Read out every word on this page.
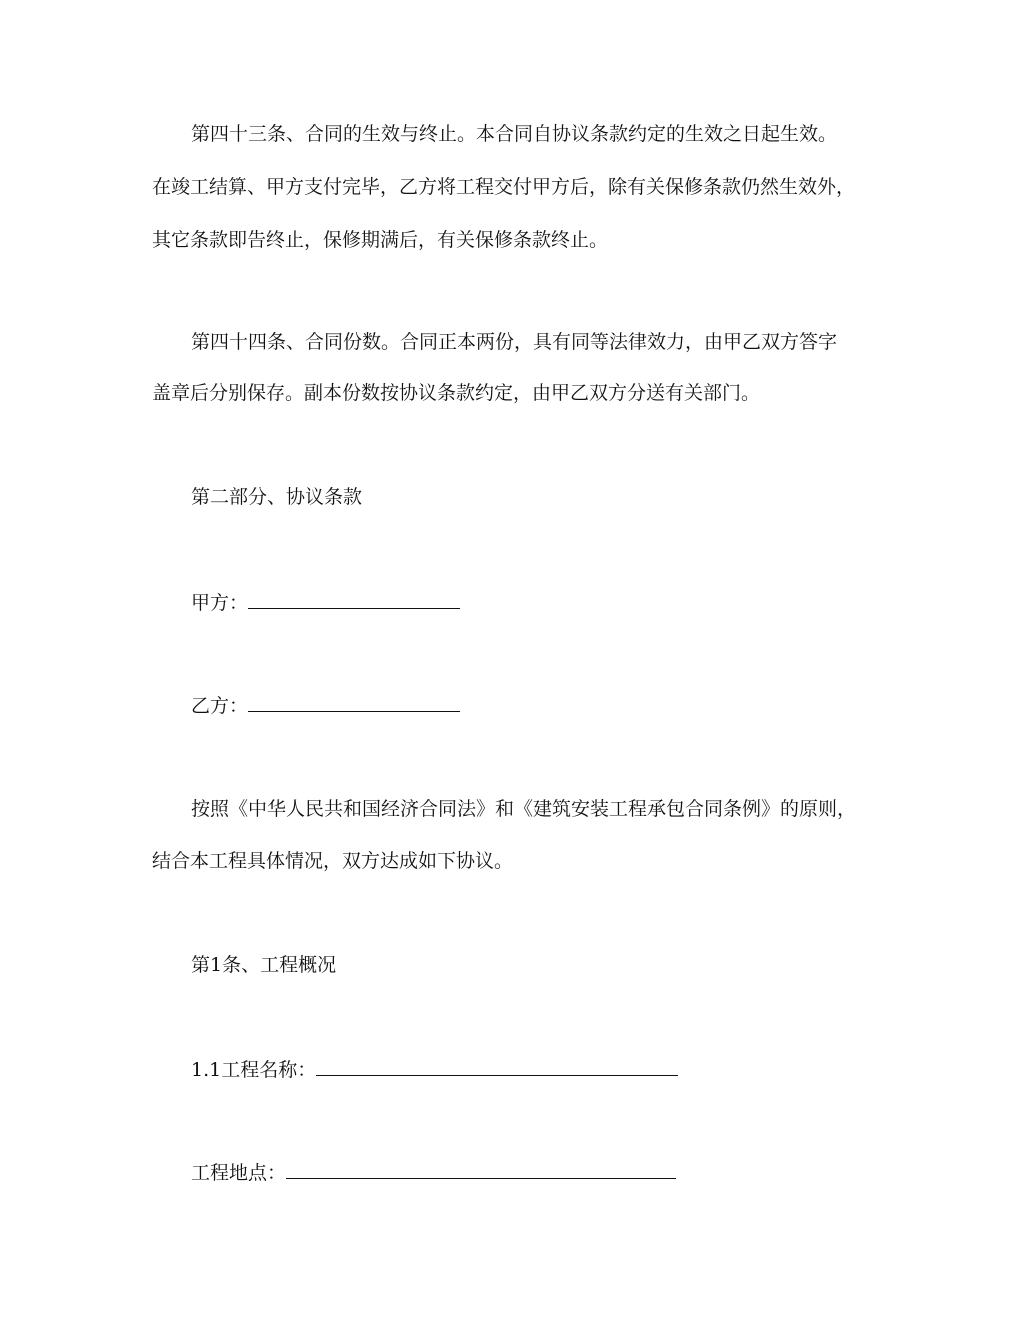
第四十三条、合同的生效与终止。本合同自协议条款约定的生效之日起生效。
在竣工结算、甲方支付完毕，乙方将工程交付甲方后，除有关保修条款仍然生效外，
其它条款即告终止，保修期满后，有关保修条款终止。
第四十四条、合同份数。合同正本两份，具有同等法律效力，由甲乙双方答字
盖章后分别保存。副本份数按协议条款约定，由甲乙双方分送有关部门。
第二部分、协议条款
甲方：
乙方：
按照《中华人民共和国经济合同法》和《建筑安装工程承包合同条例》的原则，
结合本工程具体情况，双方达成如下协议。
第1条、工程概况
1.1工程名称：
工程地点：
